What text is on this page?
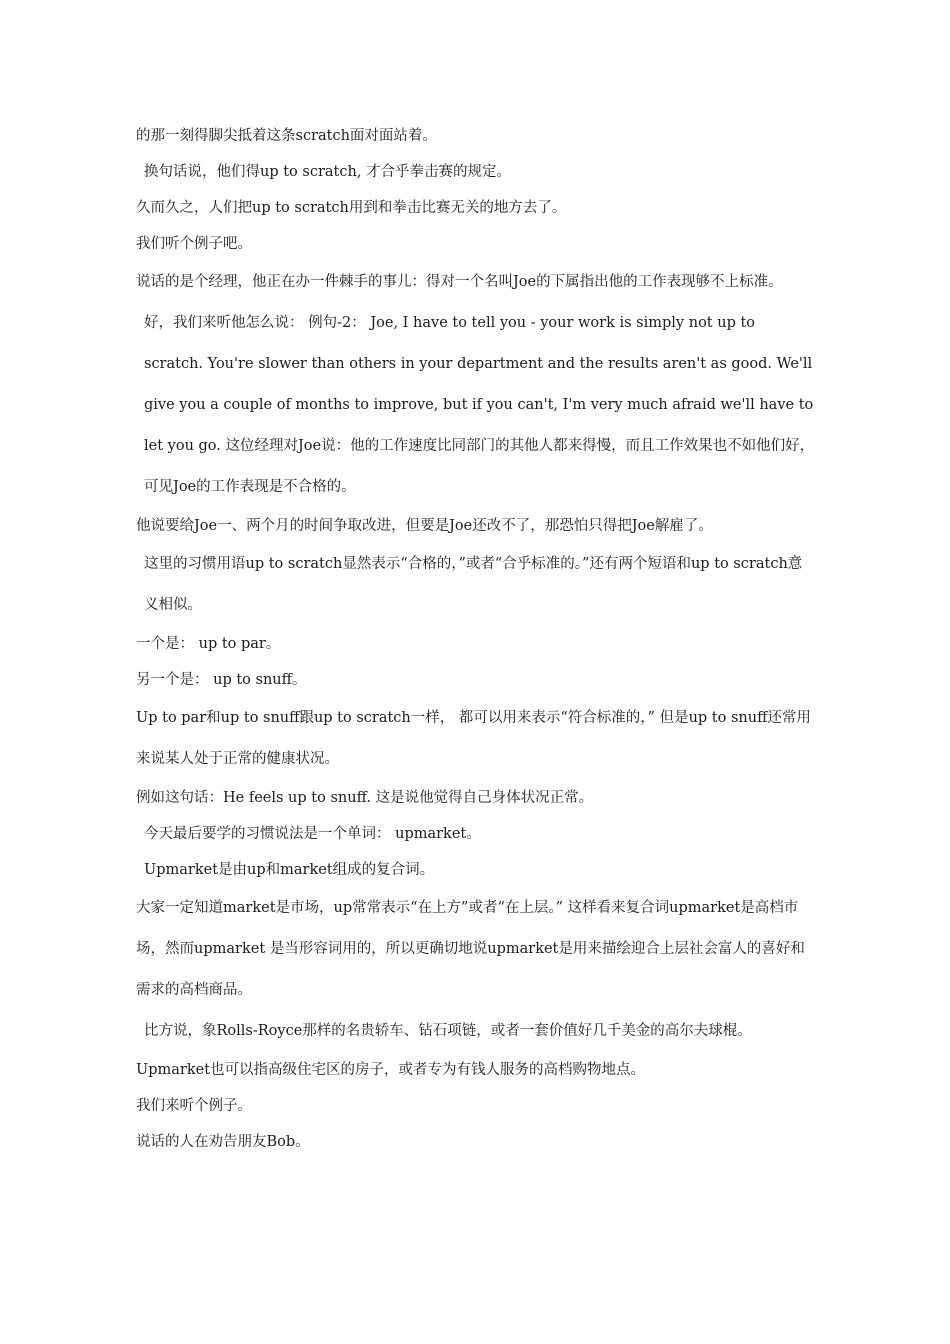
的那一刻得脚尖抵着这条scratch面对面站着。

换句话说，他们得up to scratch, 才合乎拳击赛的规定。

久而久之，人们把up to scratch用到和拳击比赛无关的地方去了。

我们听个例子吧。

说话的是个经理，他正在办一件棘手的事儿：得对一个名叫Joe的下属指出他的工作表现够不上标准。

好，我们来听他怎么说： 例句-2： Joe, I have to tell you - your work is simply not up to scratch. You're slower than others in your department and the results aren't as good. We'll give you a couple of months to improve, but if you can't, I'm very much afraid we'll have to let you go. 这位经理对Joe说：他的工作速度比同部门的其他人都来得慢，而且工作效果也不如他们好，可见Joe的工作表现是不合格的。

他说要给Joe一、两个月的时间争取改进，但要是Joe还改不了，那恐怕只得把Joe解雇了。

这里的习惯用语up to scratch显然表示“合格的，”或者“合乎标准的。”还有两个短语和up to scratch意义相似。

一个是： up to par。

另一个是： up to snuff。

Up to par和up to snuff跟up to scratch一样， 都可以用来表示“符合标准的，” 但是up to snuff还常用来说某人处于正常的健康状况。

例如这句话：He feels up to snuff. 这是说他觉得自己身体状况正常。

今天最后要学的习惯说法是一个单词： upmarket。

Upmarket是由up和market组成的复合词。

大家一定知道market是市场，up常常表示“在上方”或者“在上层。” 这样看来复合词upmarket是高档市场，然而upmarket 是当形容词用的，所以更确切地说upmarket是用来描绘迎合上层社会富人的喜好和需求的高档商品。

比方说，象Rolls-Royce那样的名贵轿车、钻石项链，或者一套价值好几千美金的高尔夫球棍。

Upmarket也可以指高级住宅区的房子，或者专为有钱人服务的高档购物地点。

我们来听个例子。

说话的人在劝告朋友Bob。
